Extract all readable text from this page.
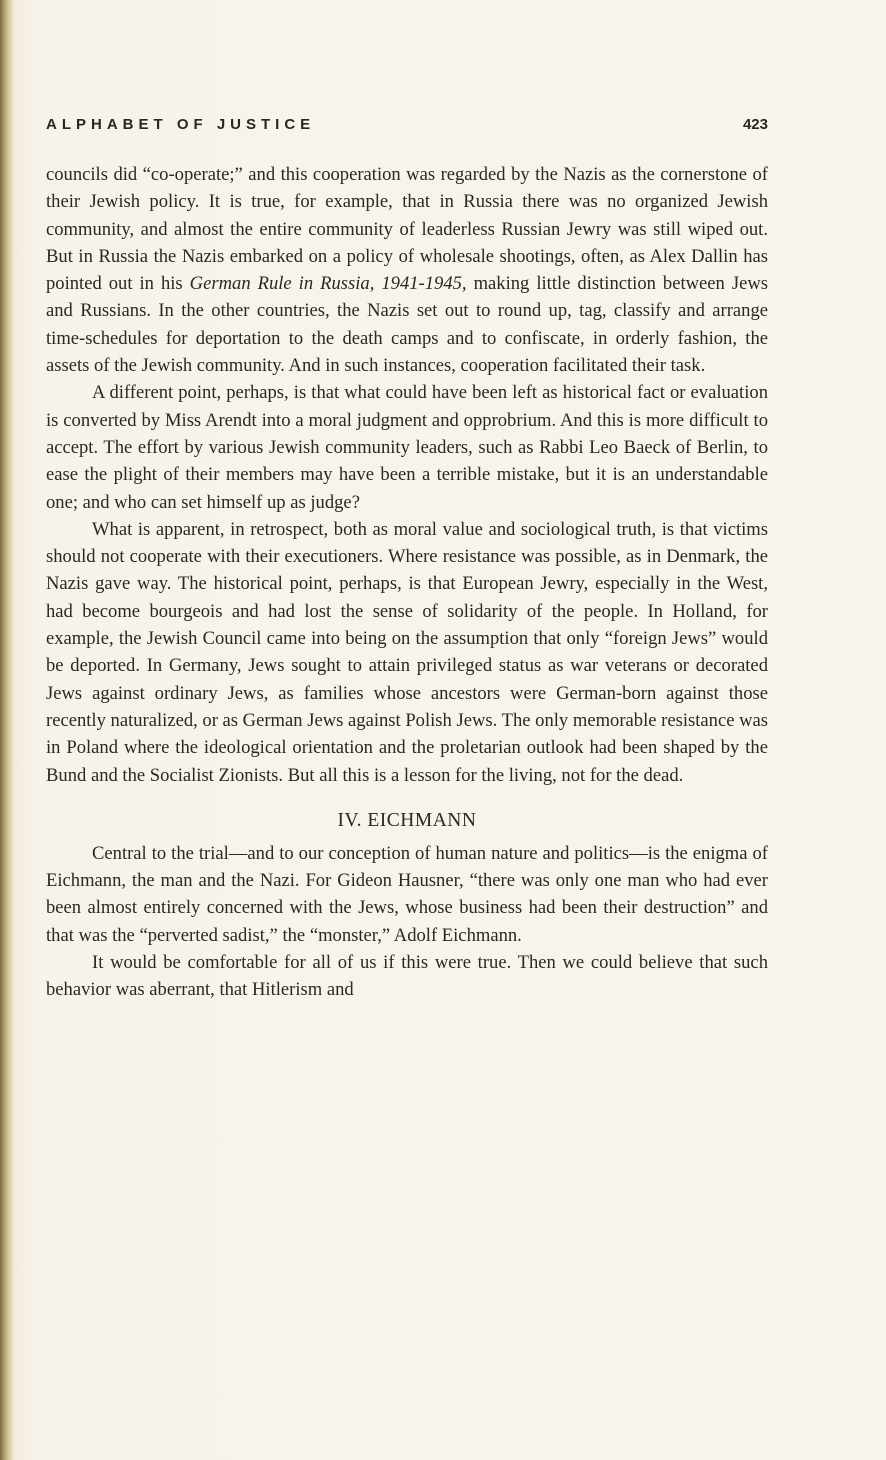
ALPHABET OF JUSTICE	423

councils did “co-operate;” and this cooperation was regarded by the Nazis as the cornerstone of their Jewish policy. It is true, for example, that in Russia there was no organized Jewish community, and almost the entire community of leaderless Russian Jewry was still wiped out. But in Russia the Nazis embarked on a policy of wholesale shootings, often, as Alex Dallin has pointed out in his German Rule in Russia, 1941-1945, making little distinction between Jews and Russians. In the other countries, the Nazis set out to round up, tag, classify and arrange time-schedules for deportation to the death camps and to confiscate, in orderly fashion, the assets of the Jewish community. And in such instances, cooperation facilitated their task.

A different point, perhaps, is that what could have been left as historical fact or evaluation is converted by Miss Arendt into a moral judgment and opprobrium. And this is more difficult to accept. The effort by various Jewish community leaders, such as Rabbi Leo Baeck of Berlin, to ease the plight of their members may have been a terrible mistake, but it is an understandable one; and who can set himself up as judge?

What is apparent, in retrospect, both as moral value and sociological truth, is that victims should not cooperate with their executioners. Where resistance was possible, as in Denmark, the Nazis gave way. The historical point, perhaps, is that European Jewry, especially in the West, had become bourgeois and had lost the sense of solidarity of the people. In Holland, for example, the Jewish Council came into being on the assumption that only “foreign Jews” would be deported. In Germany, Jews sought to attain privileged status as war veterans or decorated Jews against ordinary Jews, as families whose ancestors were German-born against those recently naturalized, or as German Jews against Polish Jews. The only memorable resistance was in Poland where the ideological orientation and the proletarian outlook had been shaped by the Bund and the Socialist Zionists. But all this is a lesson for the living, not for the dead.

IV. EICHMANN

Central to the trial—and to our conception of human nature and politics—is the enigma of Eichmann, the man and the Nazi. For Gideon Hausner, “there was only one man who had ever been almost entirely concerned with the Jews, whose business had been their destruction” and that was the “perverted sadist,” the “monster,” Adolf Eichmann.

It would be comfortable for all of us if this were true. Then we could believe that such behavior was aberrant, that Hitlerism and
